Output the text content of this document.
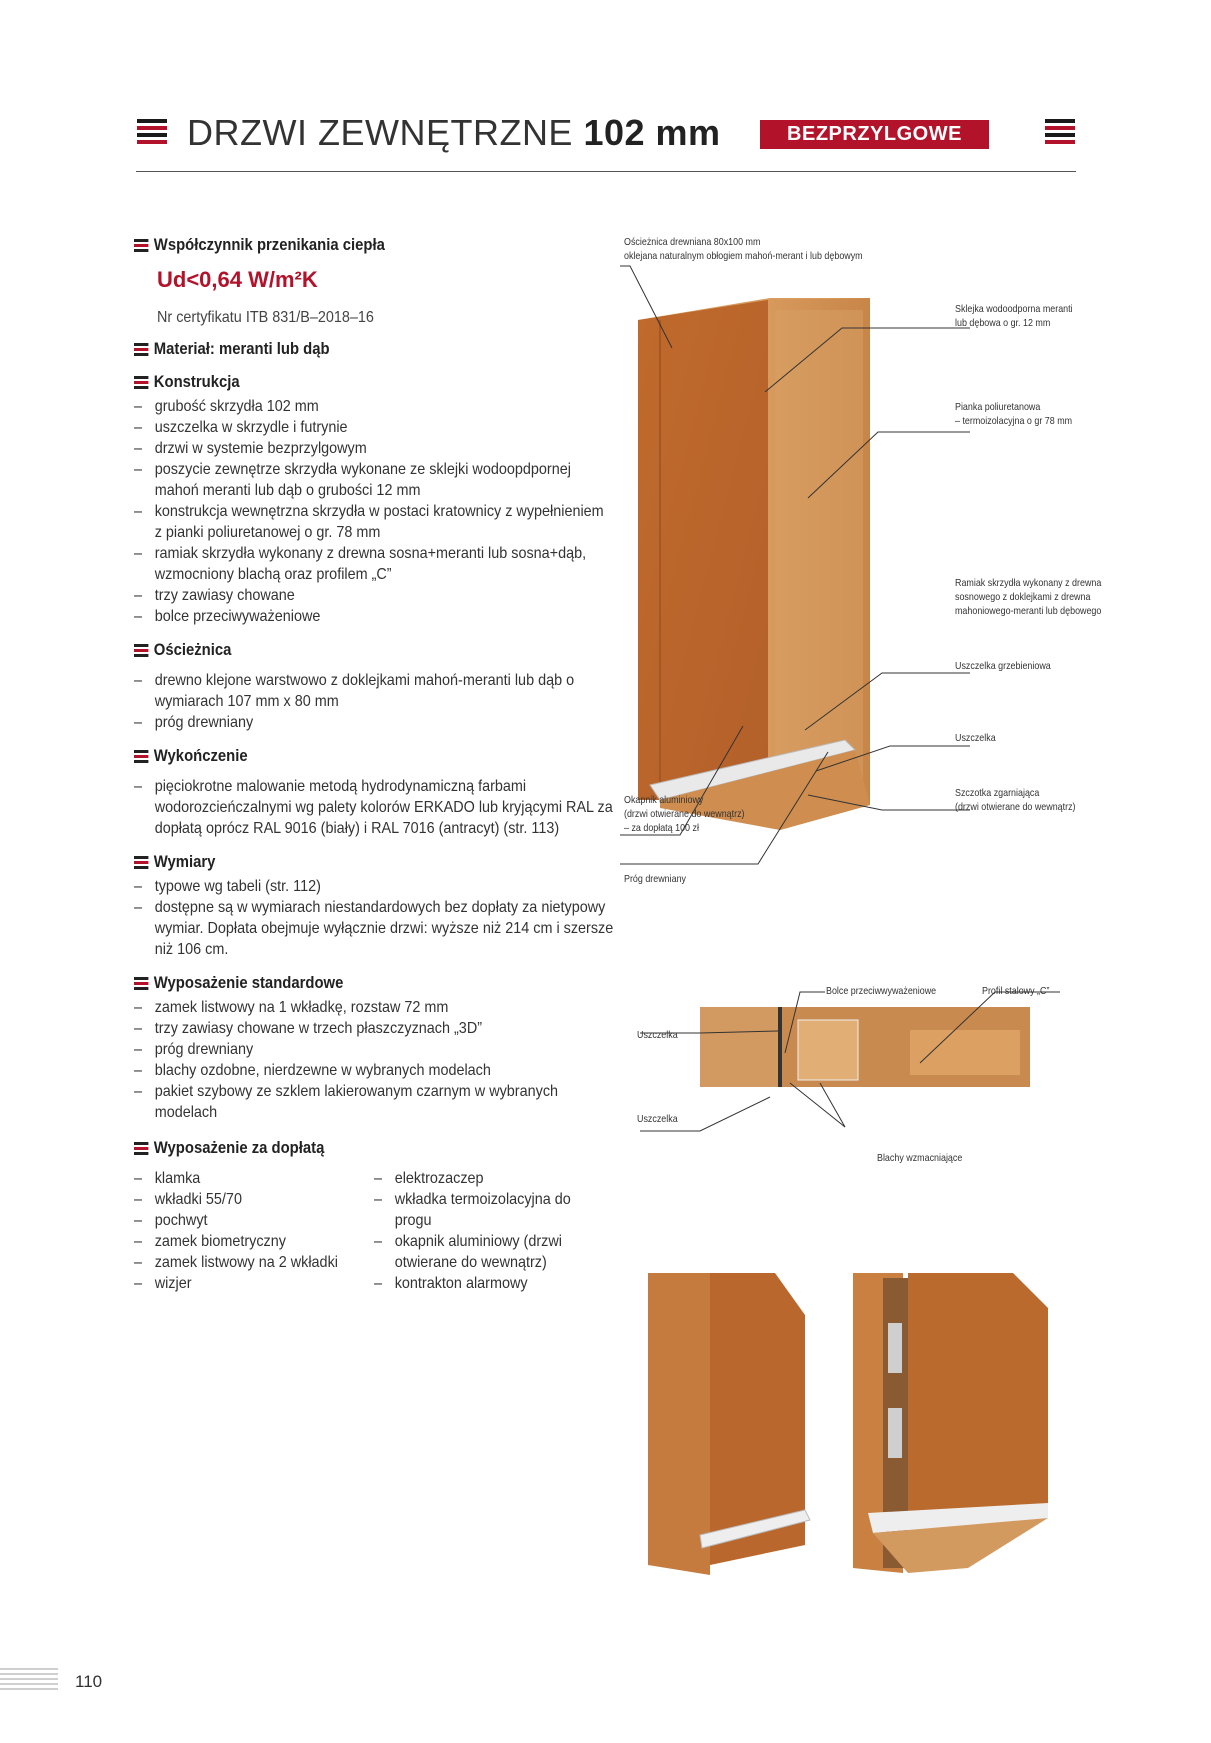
DRZWI ZEWNĘTRZNE 102 mm	BEZPRZYLGOWE
Współczynnik przenikania ciepła
Ud<0,64 W/m²K
Nr certyfikatu ITB 831/B–2018–16
Materiał: meranti lub dąb
Konstrukcja
– grubość skrzydła 102 mm
– uszczelka w skrzydle i futrynie
– drzwi w systemie bezprzylgowym
– poszycie zewnętrze skrzydła wykonane ze sklejki wodoopdpornej mahoń meranti lub dąb o grubości 12 mm
– konstrukcja wewnętrzna skrzydła w postaci kratownicy z wypełnieniem z pianki poliuretanowej o gr. 78 mm
– ramiak skrzydła wykonany z drewna sosna+meranti lub sosna+dąb, wzmocniony blachą oraz profilem „C”
– trzy zawiasy chowane
– bolce przeciwyważeniowe
Ościeżnica
– drewno klejone warstwowo z doklejkami mahoń-meranti lub dąb o wymiarach 107 mm x 80 mm
– próg drewniany
Wykończenie
– pięciokrotne malowanie metodą hydrodynamiczną farbami wodorozcieńczalnymi wg palety kolorów ERKADO lub kryjącymi RAL za dopłatą oprócz RAL 9016 (biały) i RAL 7016 (antracyt) (str. 113)
Wymiary
– typowe wg tabeli (str. 112)
– dostępne są w wymiarach niestandardowych bez dopłaty za nietypowy wymiar. Dopłata obejmuje wyłącznie drzwi: wyższe niż 214 cm i szersze niż 106 cm.
Wyposażenie standardowe
– zamek listwowy na 1 wkładkę, rozstaw 72 mm
– trzy zawiasy chowane w trzech płaszczyznach „3D”
– próg drewniany
– blachy ozdobne, nierdzewne w wybranych modelach
– pakiet szybowy ze szklem lakierowanym czarnym w wybranych modelach
Wyposażenie za dopłatą
– klamka
– wkładki 55/70
– pochwyt
– zamek biometryczny
– zamek listwowy na 2 wkładki
– wizjer
– elektrozaczep
– wkładka termoizolacyjna do progu
– okapnik aluminiowy (drzwi otwierane do wewnątrz)
– kontrakton alarmowy
Ościeżnica drewniana 80x100 mm
oklejana naturalnym obłogiem mahoń-merant i lub dębowym
Sklejka wodoodporna meranti
lub dębowa o gr. 12 mm
Pianka poliuretanowa
– termoizolacyjna o gr 78 mm
Ramiak skrzydła wykonany z drewna
sosnowego z doklejkami z drewna
mahoniowego-meranti lub dębowego
Uszczelka grzebieniowa
Uszczelka
Szczotka zgarniająca
(drzwi otwierane do wewnątrz)
Okapnik aluminiowy
(drzwi otwierane do wewnątrz)
– za dopłatą 100 zł
Próg drewniany
Bolce przeciwwyważeniowe	Profil stalowy „C”
Uszczelka
Uszczelka
Blachy wzmacniające
110
